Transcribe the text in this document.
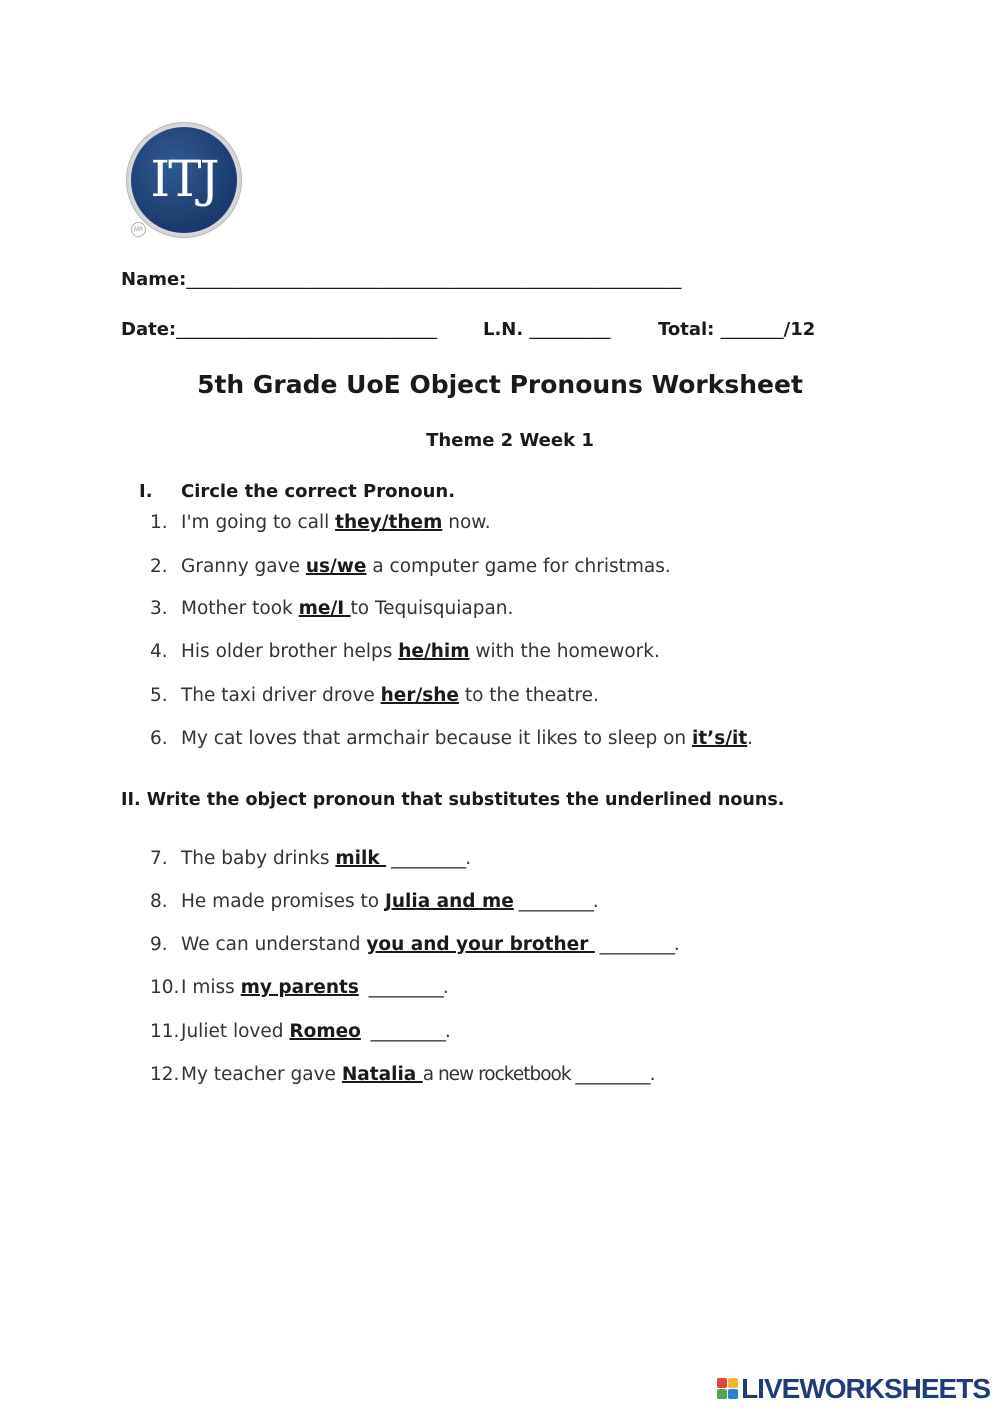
ITJ
MR
Name:_______________________________________________________
Date:_____________________________	L.N. _________	Total: _______/12
5th Grade UoE Object Pronouns Worksheet
Theme 2 Week 1
I. Circle the correct Pronoun.
1. I'm going to call they/them now.
2. Granny gave us/we a computer game for christmas.
3. Mother took me/I to Tequisquiapan.
4. His older brother helps he/him with the homework.
5. The taxi driver drove her/she to the theatre.
6. My cat loves that armchair because it likes to sleep on it’s/it.
II. Write the object pronoun that substitutes the underlined nouns.
7. The baby drinks milk  _________.
8. He made promises to Julia and me _________.
9. We can understand you and your brother  _________.
10.I miss my parents  _________.
11.Juliet loved Romeo  _________.
12.My teacher gave Natalia a new rocketbook _________.
LIVEWORKSHEETS
